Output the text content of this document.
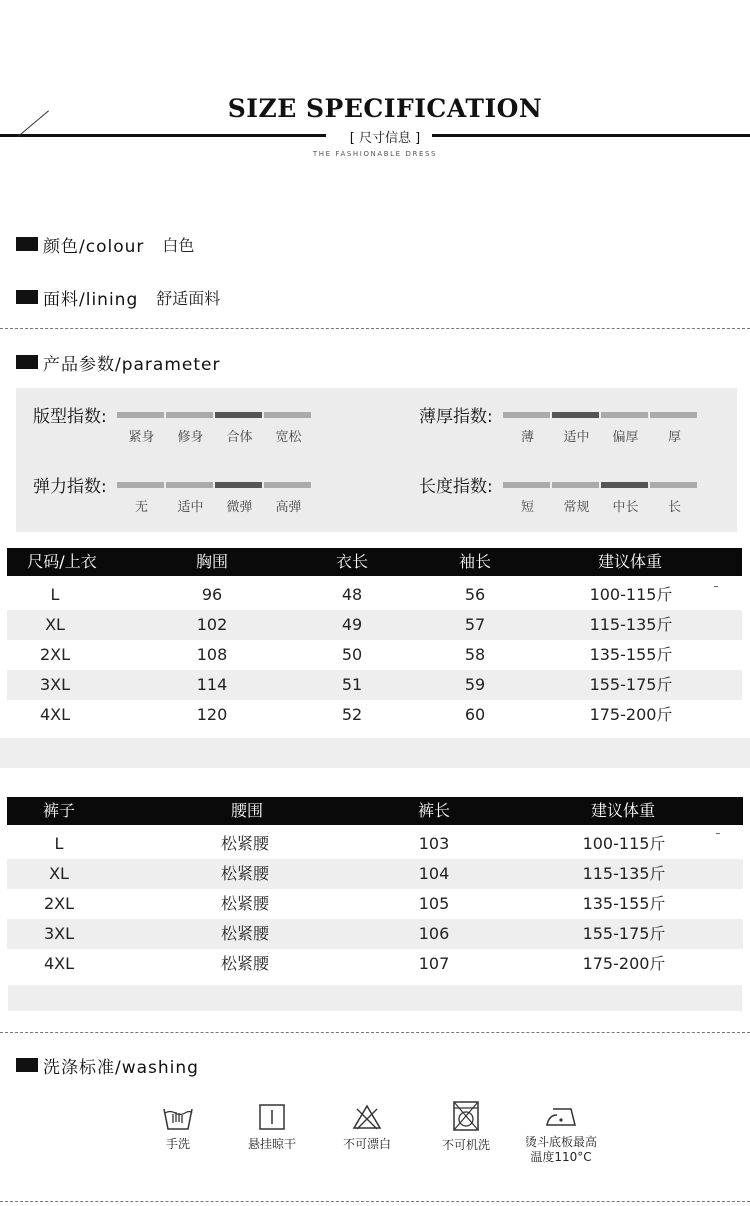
SIZE SPECIFICATION
[ 尺寸信息 ]
THE FASHIONABLE DRESS
颜色/colour 白色
面料/lining 舒适面料
产品参数/parameter
版型指数:
紧身	修身	合体	宽松
薄厚指数:
薄	适中	偏厚	厚
弹力指数:
无	适中	微弹	高弹
长度指数:
短	常规	中长	长
尺码/上衣	胸围	衣长	袖长	建议体重
L	96	48	56	100-115斤
XL	102	49	57	115-135斤
2XL	108	50	58	135-155斤
3XL	114	51	59	155-175斤
4XL	120	52	60	175-200斤
裤子	腰围	裤长	建议体重
L	松紧腰	103	100-115斤
XL	松紧腰	104	115-135斤
2XL	松紧腰	105	135-155斤
3XL	松紧腰	106	155-175斤
4XL	松紧腰	107	175-200斤
洗涤标准/washing
手洗	悬挂晾干	不可漂白	不可机洗	烫斗底板最高
温度110°C
